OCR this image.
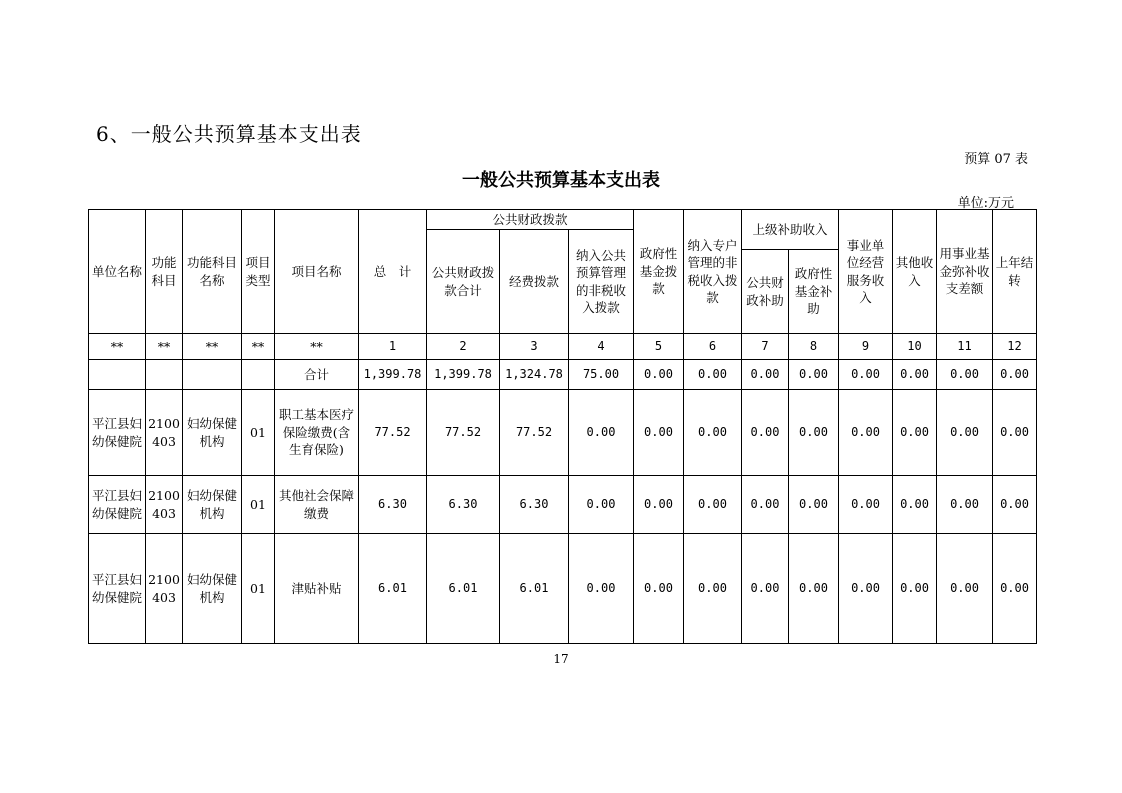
6、一般公共预算基本支出表
预算 07 表
一般公共预算基本支出表
单位:万元
单位名称	功能科目	功能科目名称	项目类型	项目名称	总　计	公共财政拨款			政府性基金拨款	纳入专户管理的非税收入拨款	上级补助收入		事业单位经营服务收入	其他收入	用事业基金弥补收支差额	上年结转
						公共财政拨款合计	经费拨款	纳入公共预算管理的非税收入拨款								
											公共财政补助	政府性基金补助				
**	**	**	**	**	1	2	3	4	5	6	7	8	9	10	11	12
				合计	1,399.78	1,399.78	1,324.78	75.00	0.00	0.00	0.00	0.00	0.00	0.00	0.00	0.00
平江县妇幼保健院	2100403	妇幼保健机构	01	职工基本医疗保险缴费(含生育保险)	77.52	77.52	77.52	0.00	0.00	0.00	0.00	0.00	0.00	0.00	0.00	0.00
平江县妇幼保健院	2100403	妇幼保健机构	01	其他社会保障缴费	6.30	6.30	6.30	0.00	0.00	0.00	0.00	0.00	0.00	0.00	0.00	0.00
平江县妇幼保健院	2100403	妇幼保健机构	01	津贴补贴	6.01	6.01	6.01	0.00	0.00	0.00	0.00	0.00	0.00	0.00	0.00	0.00
17
